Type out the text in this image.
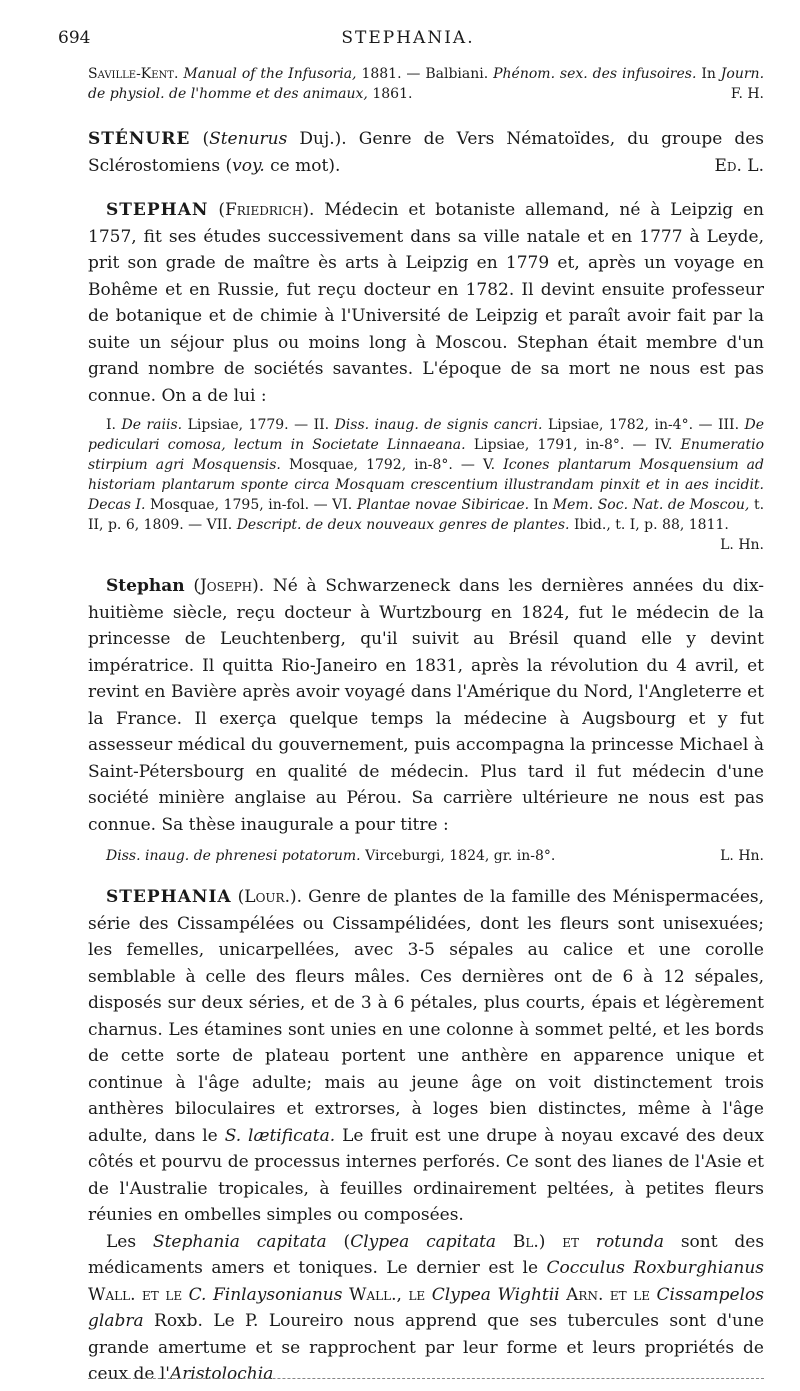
694	STEPHANIA.
Saville-Kent. Manual of the Infusoria, 1881. — Balbiani. Phénom. sex. des infusoires. In Journ. de physiol. de l'homme et des animaux, 1861.	F. H.
STÉNURE (Stenurus Duj.). Genre de Vers Nématoïdes, du groupe des Sclérostomiens (voy. ce mot).	Ed. L.
STEPHAN (Friedrich). Médecin et botaniste allemand, né à Leipzig en 1757, fit ses études successivement dans sa ville natale et en 1777 à Leyde, prit son grade de maître ès arts à Leipzig en 1779 et, après un voyage en Bohême et en Russie, fut reçu docteur en 1782. Il devint ensuite professeur de botanique et de chimie à l'Université de Leipzig et paraît avoir fait par la suite un séjour plus ou moins long à Moscou. Stephan était membre d'un grand nombre de sociétés savantes. L'époque de sa mort ne nous est pas connue. On a de lui :
I. De raiis. Lipsiae, 1779. — II. Diss. inaug. de signis cancri. Lipsiae, 1782, in-4°. — III. De pediculari comosa, lectum in Societate Linnaeana. Lipsiae, 1791, in-8°. — IV. Enumeratio stirpium agri Mosquensis. Mosquae, 1792, in-8°. — V. Icones plantarum Mosquensium ad historiam plantarum sponte circa Mosquam crescentium illustrandam pinxit et in aes incidit. Decas I. Mosquae, 1795, in-fol. — VI. Plantae novae Sibiricae. In Mem. Soc. Nat. de Moscou, t. II, p. 6, 1809. — VII. Descript. de deux nouveaux genres de plantes. Ibid., t. I, p. 88, 1811.
L. Hn.
Stephan (Joseph). Né à Schwarzeneck dans les dernières années du dix-huitième siècle, reçu docteur à Wurtzbourg en 1824, fut le médecin de la princesse de Leuchtenberg, qu'il suivit au Brésil quand elle y devint impératrice. Il quitta Rio-Janeiro en 1831, après la révolution du 4 avril, et revint en Bavière après avoir voyagé dans l'Amérique du Nord, l'Angleterre et la France. Il exerça quelque temps la médecine à Augsbourg et y fut assesseur médical du gouvernement, puis accompagna la princesse Michael à Saint-Pétersbourg en qualité de médecin. Plus tard il fut médecin d'une société minière anglaise au Pérou. Sa carrière ultérieure ne nous est pas connue. Sa thèse inaugurale a pour titre :
Diss. inaug. de phrenesi potatorum. Virceburgi, 1824, gr. in-8°.	L. Hn.
STEPHANIA (Lour.). Genre de plantes de la famille des Ménispermacées, série des Cissampélées ou Cissampélidées, dont les fleurs sont unisexuées; les femelles, unicarpellées, avec 3-5 sépales au calice et une corolle semblable à celle des fleurs mâles. Ces dernières ont de 6 à 12 sépales, disposés sur deux séries, et de 3 à 6 pétales, plus courts, épais et légèrement charnus. Les étamines sont unies en une colonne à sommet pelté, et les bords de cette sorte de plateau portent une anthère en apparence unique et continue à l'âge adulte; mais au jeune âge on voit distinctement trois anthères biloculaires et extrorses, à loges bien distinctes, même à l'âge adulte, dans le S. lætificata. Le fruit est une drupe à noyau excavé des deux côtés et pourvu de processus internes perforés. Ce sont des lianes de l'Asie et de l'Australie tropicales, à feuilles ordinairement peltées, à petites fleurs réunies en ombelles simples ou composées.
Les Stephania capitata (Clypea capitata Bl.) et rotunda sont des médicaments amers et toniques. Le dernier est le Cocculus Roxburghianus Wall. et le C. Finlaysonianus Wall., le Clypea Wightii Arn. et le Cissampelos glabra Roxb. Le P. Loureiro nous apprend que ses tubercules sont d'une grande amertume et se rapprochent par leur forme et leurs propriétés de ceux de l'Aristolochia
